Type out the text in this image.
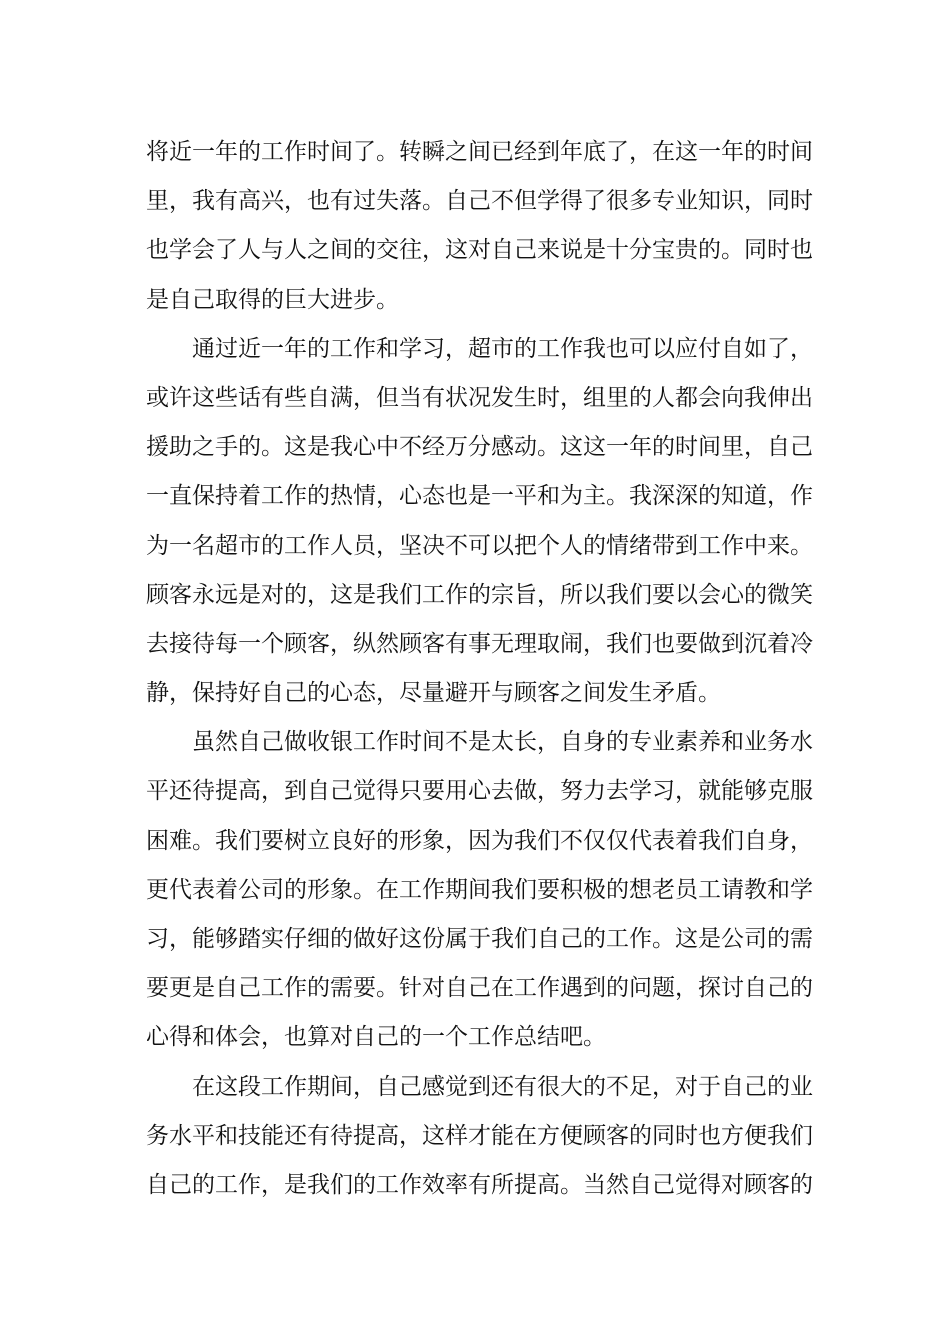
将近一年的工作时间了。转瞬之间已经到年底了，在这一年的时间
里，我有高兴，也有过失落。自己不但学得了很多专业知识，同时
也学会了人与人之间的交往，这对自己来说是十分宝贵的。同时也
是自己取得的巨大进步。
通过近一年的工作和学习，超市的工作我也可以应付自如了，
或许这些话有些自满，但当有状况发生时，组里的人都会向我伸出
援助之手的。这是我心中不经万分感动。这这一年的时间里，自己
一直保持着工作的热情，心态也是一平和为主。我深深的知道，作
为一名超市的工作人员，坚决不可以把个人的情绪带到工作中来。
顾客永远是对的，这是我们工作的宗旨，所以我们要以会心的微笑
去接待每一个顾客，纵然顾客有事无理取闹，我们也要做到沉着冷
静，保持好自己的心态，尽量避开与顾客之间发生矛盾。
虽然自己做收银工作时间不是太长，自身的专业素养和业务水
平还待提高，到自己觉得只要用心去做，努力去学习，就能够克服
困难。我们要树立良好的形象，因为我们不仅仅代表着我们自身，
更代表着公司的形象。在工作期间我们要积极的想老员工请教和学
习，能够踏实仔细的做好这份属于我们自己的工作。这是公司的需
要更是自己工作的需要。针对自己在工作遇到的问题，探讨自己的
心得和体会，也算对自己的一个工作总结吧。
在这段工作期间，自己感觉到还有很大的不足，对于自己的业
务水平和技能还有待提高，这样才能在方便顾客的同时也方便我们
自己的工作，是我们的工作效率有所提高。当然自己觉得对顾客的
